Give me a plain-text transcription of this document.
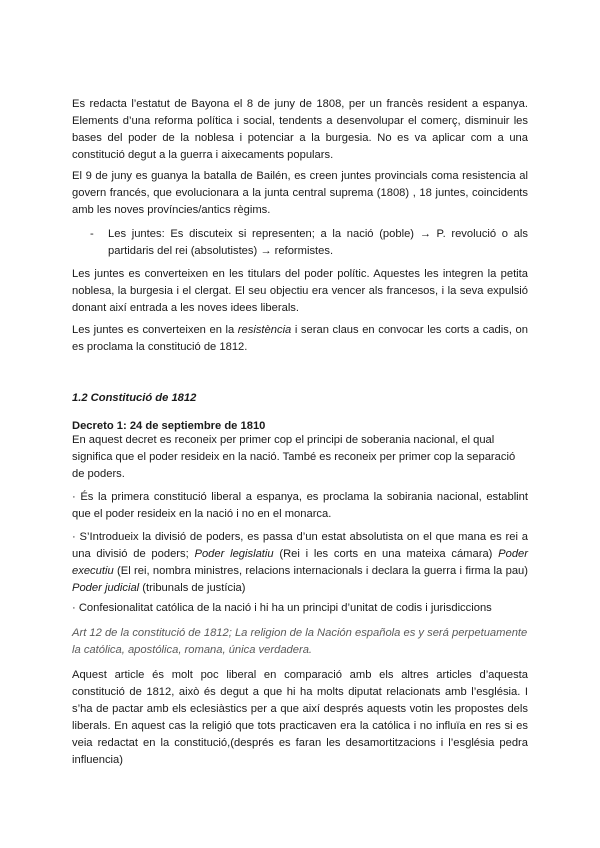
Es redacta l’estatut de Bayona el 8 de juny de 1808, per un francès resident a espanya. Elements d’una reforma política i social, tendents a desenvolupar el comerç, disminuir les bases del poder de la noblesa i potenciar a la burgesia. No es va aplicar com a una constitució degut a la guerra i aixecaments populars.

El 9 de juny es guanya la batalla de Bailén, es creen juntes provincials coma resistencia al govern francés, que evolucionara a la junta central suprema (1808) , 18 juntes, coincidents amb les noves províncies/antics règims.

- Les juntes: Es discuteix si representen; a la nació (poble) → P. revolució o als partidaris del rei (absolutistes) → reformistes.

Les juntes es converteixen en les titulars del poder polític. Aquestes les integren la petita noblesa, la burgesia i el clergat. El seu objectiu era vencer als francesos, i la seva expulsió donant així entrada a les noves idees liberals.

Les juntes es converteixen en la resistència i seran claus en convocar les corts a cadis, on es proclama la constitució de 1812.

1.2 Constitució de 1812

Decreto 1: 24 de septiembre de 1810

En aquest decret es reconeix per primer cop el principi de soberania nacional, el qual significa que el poder resideix en la nació. També es reconeix per primer cop la separació de poders.

· És la primera constitució liberal a espanya, es proclama la sobirania nacional, establint que el poder resideix en la nació i no en el monarca.

· S’Introdueix la divisió de poders, es passa d’un estat absolutista on el que mana es rei a una divisió de poders; Poder legislatiu (Rei i les corts en una mateixa cámara) Poder executiu (El rei, nombra ministres, relacions internacionals i declara la guerra i firma la pau) Poder judicial (tribunals de justícia)

· Confesionalitat católica de la nació i hi ha un principi d’unitat de codis i jurisdiccions

Art 12 de la constitució de 1812; La religion de la Nación española es y será perpetuamente la católica, apostólica, romana, única verdadera.

Aquest article és molt poc liberal en comparació amb els altres articles d’aquesta constitució de 1812, això és degut a que hi ha molts diputat relacionats amb l’església. I s’ha de pactar amb els eclesiàstics per a que així després aquests votin les propostes dels liberals. En aquest cas la religió que tots practicaven era la católica i no influïa en res si es veia redactat en la constitució,(després es faran les desamortitzacions i l’església pedra influencia)
